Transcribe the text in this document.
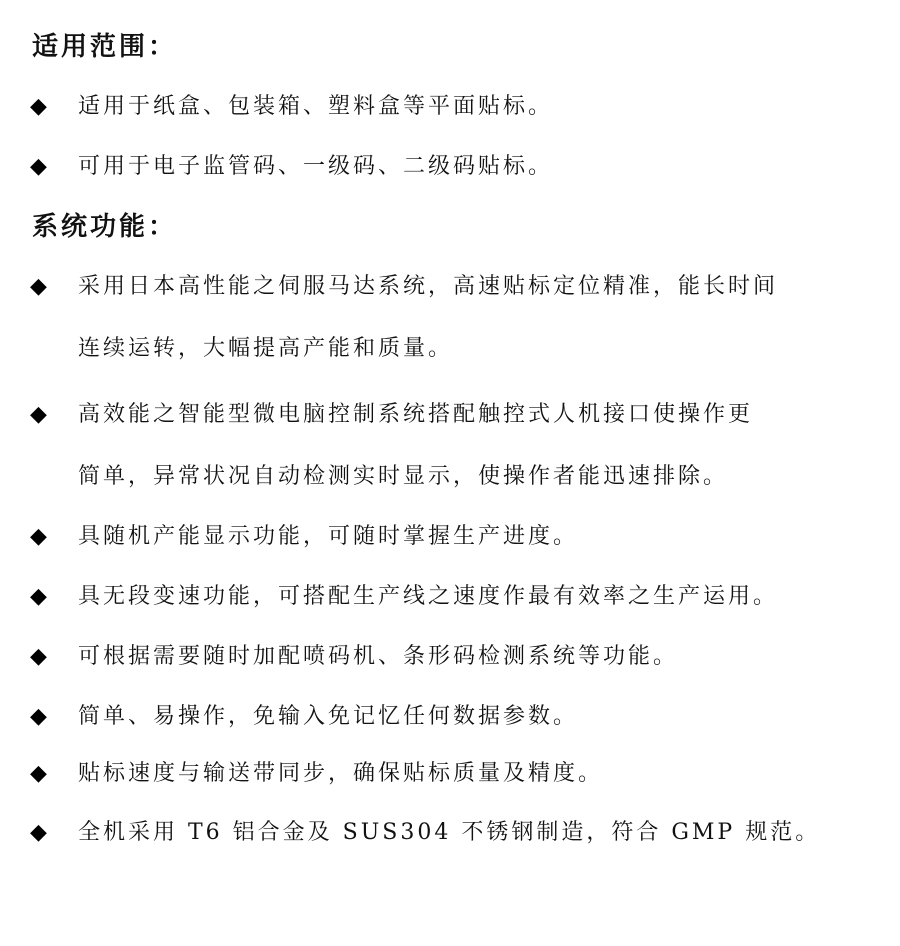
适用范围：
◆	适用于纸盒、包装箱、塑料盒等平面贴标。
◆	可用于电子监管码、一级码、二级码贴标。
系统功能：
◆	采用日本高性能之伺服马达系统，高速贴标定位精准，能长时间
连续运转，大幅提高产能和质量。
◆	高效能之智能型微电脑控制系统搭配触控式人机接口使操作更
简单，异常状况自动检测实时显示，使操作者能迅速排除。
◆	具随机产能显示功能，可随时掌握生产进度。
◆	具无段变速功能，可搭配生产线之速度作最有效率之生产运用。
◆	可根据需要随时加配喷码机、条形码检测系统等功能。
◆	简单、易操作，免输入免记忆任何数据参数。
◆	贴标速度与输送带同步，确保贴标质量及精度。
◆	全机采用 T6 铝合金及 SUS304 不锈钢制造，符合 GMP 规范。
